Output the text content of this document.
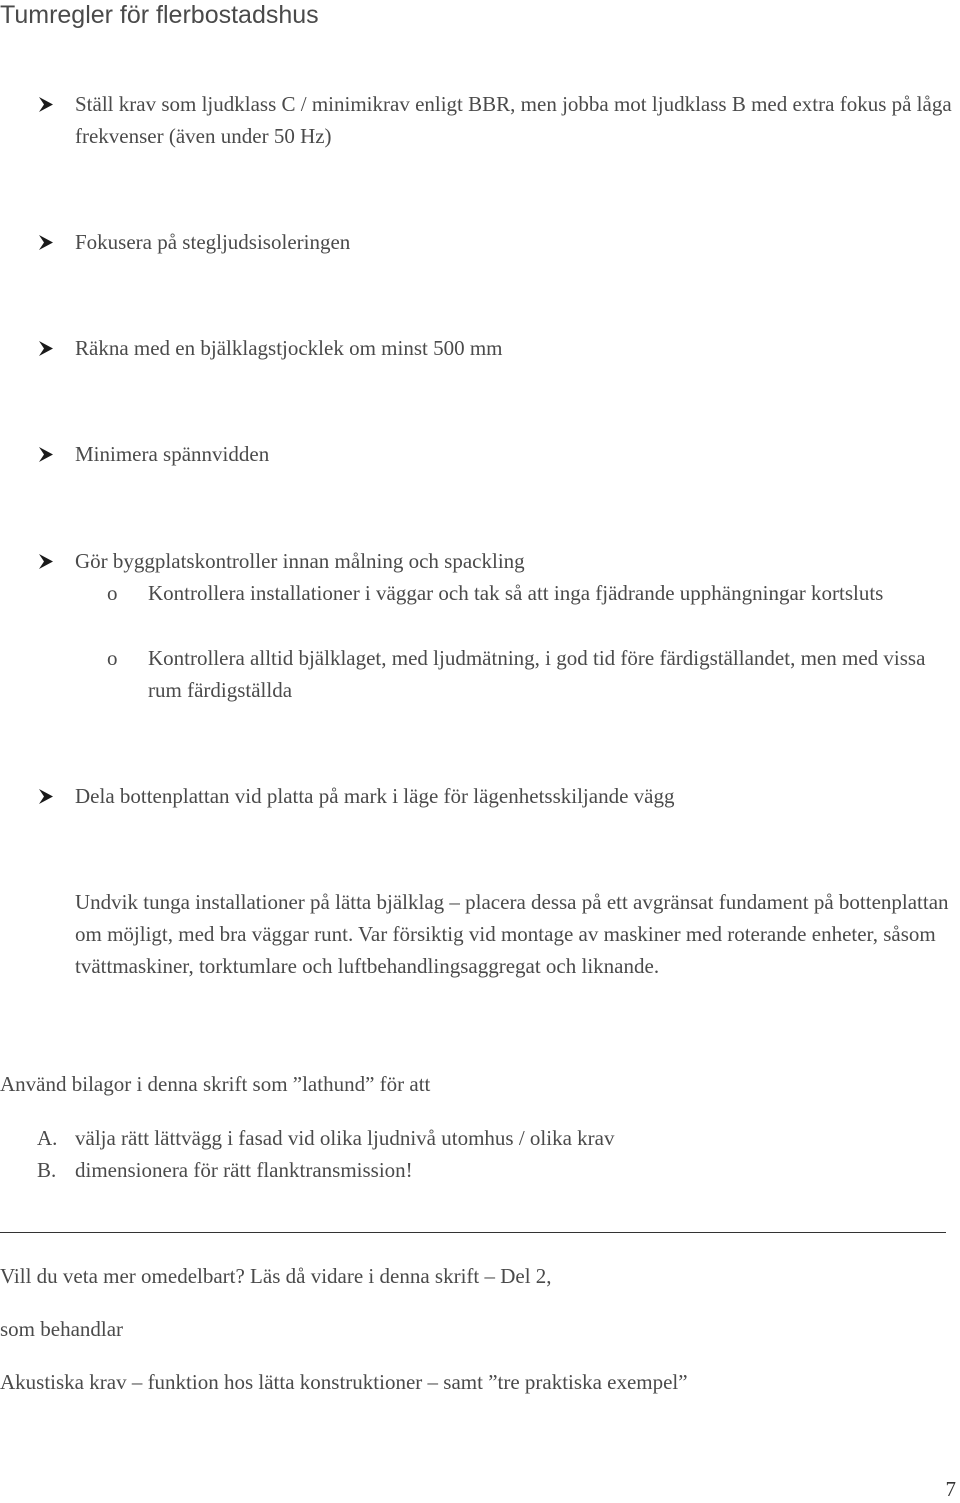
Tumregler för flerbostadshus
Ställ krav som ljudklass C / minimikrav enligt BBR, men jobba mot ljudklass B med extra fokus på låga frekvenser (även under 50 Hz)
Fokusera på stegljudsisoleringen
Räkna med en bjälklagstjocklek om minst 500 mm
Minimera spännvidden
Gör byggplatskontroller innan målning och spackling
o Kontrollera installationer i väggar och tak så att inga fjädrande upphängningar kortsluts
o Kontrollera alltid bjälklaget, med ljudmätning, i god tid före färdigställandet, men med vissa rum färdigställda
Dela bottenplattan vid platta på mark i läge för lägenhetsskiljande vägg
Undvik tunga installationer på lätta bjälklag – placera dessa på ett avgränsat fundament på bottenplattan om möjligt, med bra väggar runt. Var försiktig vid montage av maskiner med roterande enheter, såsom tvättmaskiner, torktumlare och luftbehandlingsaggregat och liknande.
Använd bilagor i denna skrift som ”lathund” för att
A. välja rätt lättvägg i fasad vid olika ljudnivå utomhus / olika krav
B. dimensionera för rätt flanktransmission!
Vill du veta mer omedelbart? Läs då vidare i denna skrift – Del 2,
som behandlar
Akustiska krav – funktion hos lätta konstruktioner – samt ”tre praktiska exempel”
7
